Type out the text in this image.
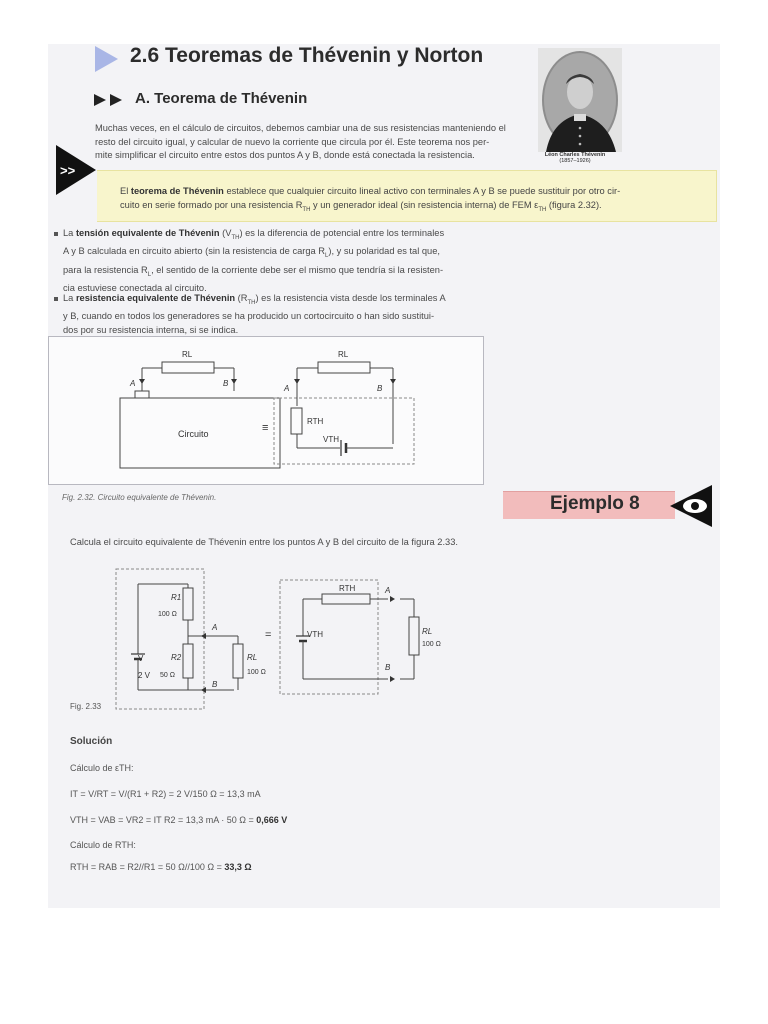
2.6 Teoremas de Thévenin y Norton
A. Teorema de Thévenin
Muchas veces, en el cálculo de circuitos, debemos cambiar una de sus resistencias manteniendo el
resto del circuito igual, y calcular de nuevo la corriente que circula por él. Este teorema nos per-
mite simplificar el circuito entre estos dos puntos A y B, donde está conectada la resistencia.	Léon Charles Thévenin
(1857–1926)
>>
El teorema de Thévenin establece que cualquier circuito lineal activo con terminales A y B se puede sustituir por otro cir-
cuito en serie formado por una resistencia $R_{TH}$ y un generador ideal (sin resistencia interna) de FEM $\varepsilon_{TH}$ (figura 2.32).
La tensión equivalente de Thévenin $(V_{TH})$ es la diferencia de potencial entre los terminales
A y B calculada en circuito abierto (sin la resistencia de carga $R_L$), y su polaridad es tal que,
para la resistencia $R_L$, el sentido de la corriente debe ser el mismo que tendría si la resisten-
cia estuviese conectada al circuito.
La resistencia equivalente de Thévenin $(R_{TH})$ es la resistencia vista desde los terminales A
y B, cuando en todos los generadores se ha producido un cortocircuito o han sido sustitui-
dos por su resistencia interna, si se indica.
Circuito
RL
A	B
≡
RL
A	B
RTH
VTH
Fig. 2.32. Circuito equivalente de Thévenin.	Ejemplo 8
Calcula el circuito equivalente de Thévenin entre los puntos A y B del circuito de la figura 2.33.
V
2 V
R1
100 Ω
R2
50 Ω
RL
100 Ω
A
B
=
RTH
VTH
A
B
RL
100 Ω
Fig. 2.33
Solución
Cálculo de εTH:
IT = V/RT = V/(R1 + R2) = 2 V/150 Ω = 13,3 mA
VTH = VAB = VR2 = IT R2 = 13,3 mA · 50 Ω = 0,666 V
Cálculo de RTH:
RTH = RAB = R2//R1 = 50 Ω//100 Ω = 33,3 Ω
